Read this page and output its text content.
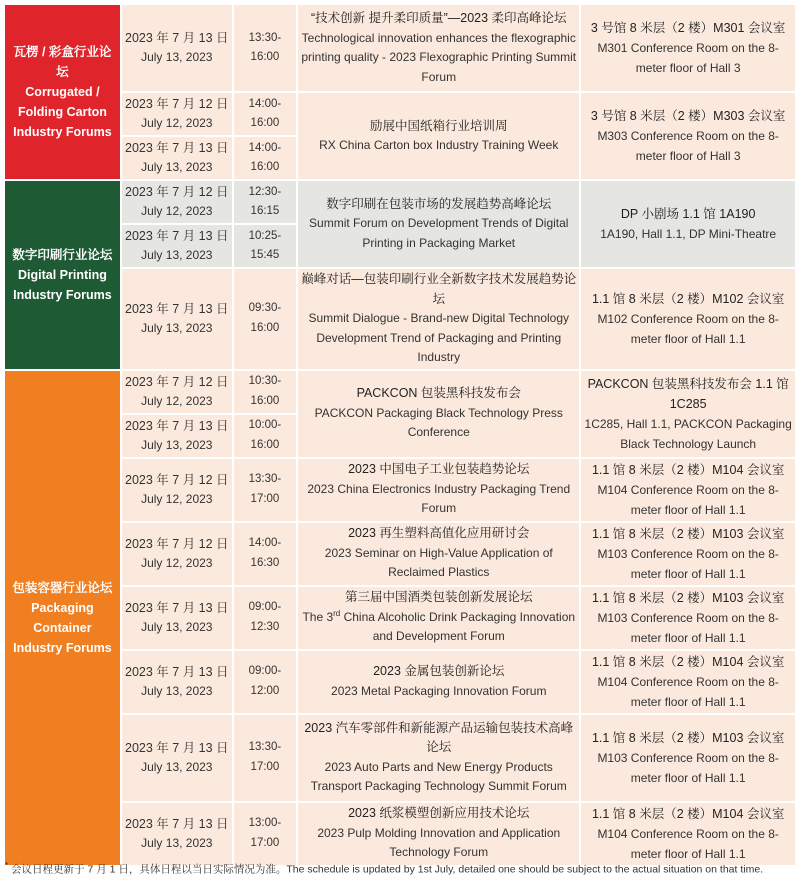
瓦楞 / 彩盒行业论坛
Corrugated / Folding Carton Industry Forums	2023 年 7 月 13 日
July 13, 2023	13:30-16:00	“技术创新 提升柔印质量”—2023 柔印高峰论坛
Technological innovation enhances the flexographic printing quality - 2023 Flexographic Printing Summit Forum	3 号馆 8 米层（2 楼）M301 会议室
M301 Conference Room on the 8-meter floor of Hall 3

	2023 年 7 月 12 日
July 12, 2023	14:00-16:00	励展中国纸箱行业培训周
RX China Carton box Industry Training Week	3 号馆 8 米层（2 楼）M303 会议室
M303 Conference Room on the 8-meter floor of Hall 3

	2023 年 7 月 13 日
July 13, 2023	14:00-16:00		

数字印刷行业论坛
Digital Printing Industry Forums	2023 年 7 月 12 日
July 12, 2023	12:30-16:15	数字印刷在包装市场的发展趋势高峰论坛
Summit Forum on Development Trends of Digital Printing in Packaging Market	DP 小剧场 1.1 馆 1A190
1A190, Hall 1.1, DP Mini-Theatre

	2023 年 7 月 13 日
July 13, 2023	10:25-15:45		

	2023 年 7 月 13 日
July 13, 2023	09:30-16:00	巅峰对话—包装印刷行业全新数字技术发展趋势论坛
Summit Dialogue - Brand-new Digital Technology Development Trend of Packaging and Printing Industry	1.1 馆 8 米层（2 楼）M102 会议室
M102 Conference Room on the 8-meter floor of Hall 1.1

包装容器行业论坛
Packaging Container Industry Forums	2023 年 7 月 12 日
July 12, 2023	10:30-16:00	PACKCON 包装黑科技发布会
PACKCON Packaging Black Technology Press Conference	PACKCON 包装黑科技发布会 1.1 馆 1C285
1C285, Hall 1.1, PACKCON Packaging Black Technology Launch

	2023 年 7 月 13 日
July 13, 2023	10:00-16:00		

	2023 年 7 月 12 日
July 12, 2023	13:30-17:00	2023 中国电子工业包装趋势论坛
2023 China Electronics Industry Packaging Trend Forum	1.1 馆 8 米层（2 楼）M104 会议室
M104 Conference Room on the 8-meter floor of Hall 1.1

	2023 年 7 月 12 日
July 12, 2023	14:00-16:30	2023 再生塑料高值化应用研讨会
2023 Seminar on High-Value Application of Reclaimed Plastics	1.1 馆 8 米层（2 楼）M103 会议室
M103 Conference Room on the 8-meter floor of Hall 1.1

	2023 年 7 月 13 日
July 13, 2023	09:00-12:30	第三届中国酒类包装创新发展论坛
The 3rd China Alcoholic Drink Packaging Innovation and Development Forum	1.1 馆 8 米层（2 楼）M103 会议室
M103 Conference Room on the 8-meter floor of Hall 1.1

	2023 年 7 月 13 日
July 13, 2023	09:00-12:00	2023 金属包装创新论坛
2023 Metal Packaging Innovation Forum	1.1 馆 8 米层（2 楼）M104 会议室
M104 Conference Room on the 8-meter floor of Hall 1.1

	2023 年 7 月 13 日
July 13, 2023	13:30-17:00	2023 汽车零部件和新能源产品运输包装技术高峰论坛
2023 Auto Parts and New Energy Products Transport Packaging Technology Summit Forum	1.1 馆 8 米层（2 楼）M103 会议室
M103 Conference Room on the 8-meter floor of Hall 1.1

	2023 年 7 月 13 日
July 13, 2023	13:00-17:00	2023 纸浆模塑创新应用技术论坛
2023 Pulp Molding Innovation and Application Technology Forum	1.1 馆 8 米层（2 楼）M104 会议室
M104 Conference Room on the 8-meter floor of Hall 1.1
* 会议日程更新于 7 月 1 日，具体日程以当日实际情况为准。The schedule is updated by 1st July, detailed one should be subject to the actual situation on that time.
